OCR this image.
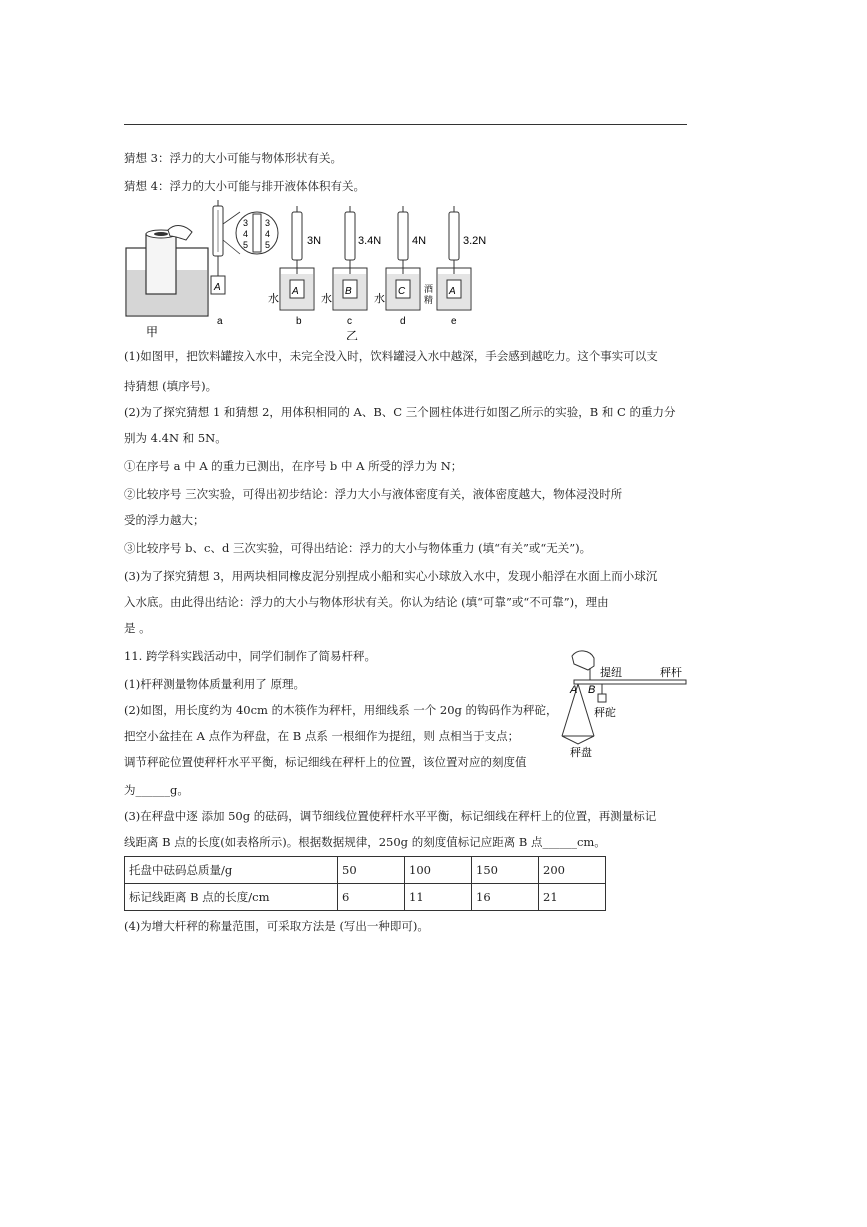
猜想 3：浮力的大小可能与物体形状有关。
猜想 4：浮力的大小可能与排开液体体积有关。
甲
A
3
4
5
3
4
5
a
3N
A
水
b
3.4N
B
水
c
乙
4N
C
水
d
3.2N
A
酒
精
e
(1)如图甲，把饮料罐按入水中，未完全没入时，饮料罐浸入水中越深，手会感到越吃力。这个事实可以支
持猜想 (填序号)。
(2)为了探究猜想 1 和猜想 2，用体积相同的 A、B、C 三个圆柱体进行如图乙所示的实验，B 和 C 的重力分
别为 4.4N 和 5N。
①在序号 a 中 A 的重力已测出，在序号 b 中 A 所受的浮力为 N；
②比较序号 三次实验，可得出初步结论：浮力大小与液体密度有关，液体密度越大，物体浸没时所
受的浮力越大；
③比较序号 b、c、d 三次实验，可得出结论：浮力的大小与物体重力 (填“有关”或“无关”)。
(3)为了探究猜想 3，用两块相同橡皮泥分别捏成小船和实心小球放入水中，发现小船浮在水面上而小球沉
入水底。由此得出结论：浮力的大小与物体形状有关。你认为结论 (填“可靠”或“不可靠”)，理由
是 。
11. 跨学科实践活动中，同学们制作了简易杆秤。
(1)杆秤测量物体质量利用了 原理。
(2)如图，用长度约为 40cm 的木筷作为秤杆，用细线系 一个 20g 的钩码作为秤砣，
把空小盆挂在 A 点作为秤盘，在 B 点系 一根细作为提纽，则 点相当于支点；
调节秤砣位置使秤杆水平平衡，标记细线在秤杆上的位置，该位置对应的刻度值
为______g。
提纽	秤杆
A B
秤砣
秤盘
(3)在秤盘中逐 添加 50g 的砝码，调节细线位置使秤杆水平平衡，标记细线在秤杆上的位置，再测量标记
线距离 B 点的长度(如表格所示)。根据数据规律，250g 的刻度值标记应距离 B 点______cm。
托盘中砝码总质量/g	50	100	150	200
标记线距离 B 点的长度/cm	6	11	16	21
(4)为增大杆秤的称量范围，可采取方法是 (写出一种即可)。
